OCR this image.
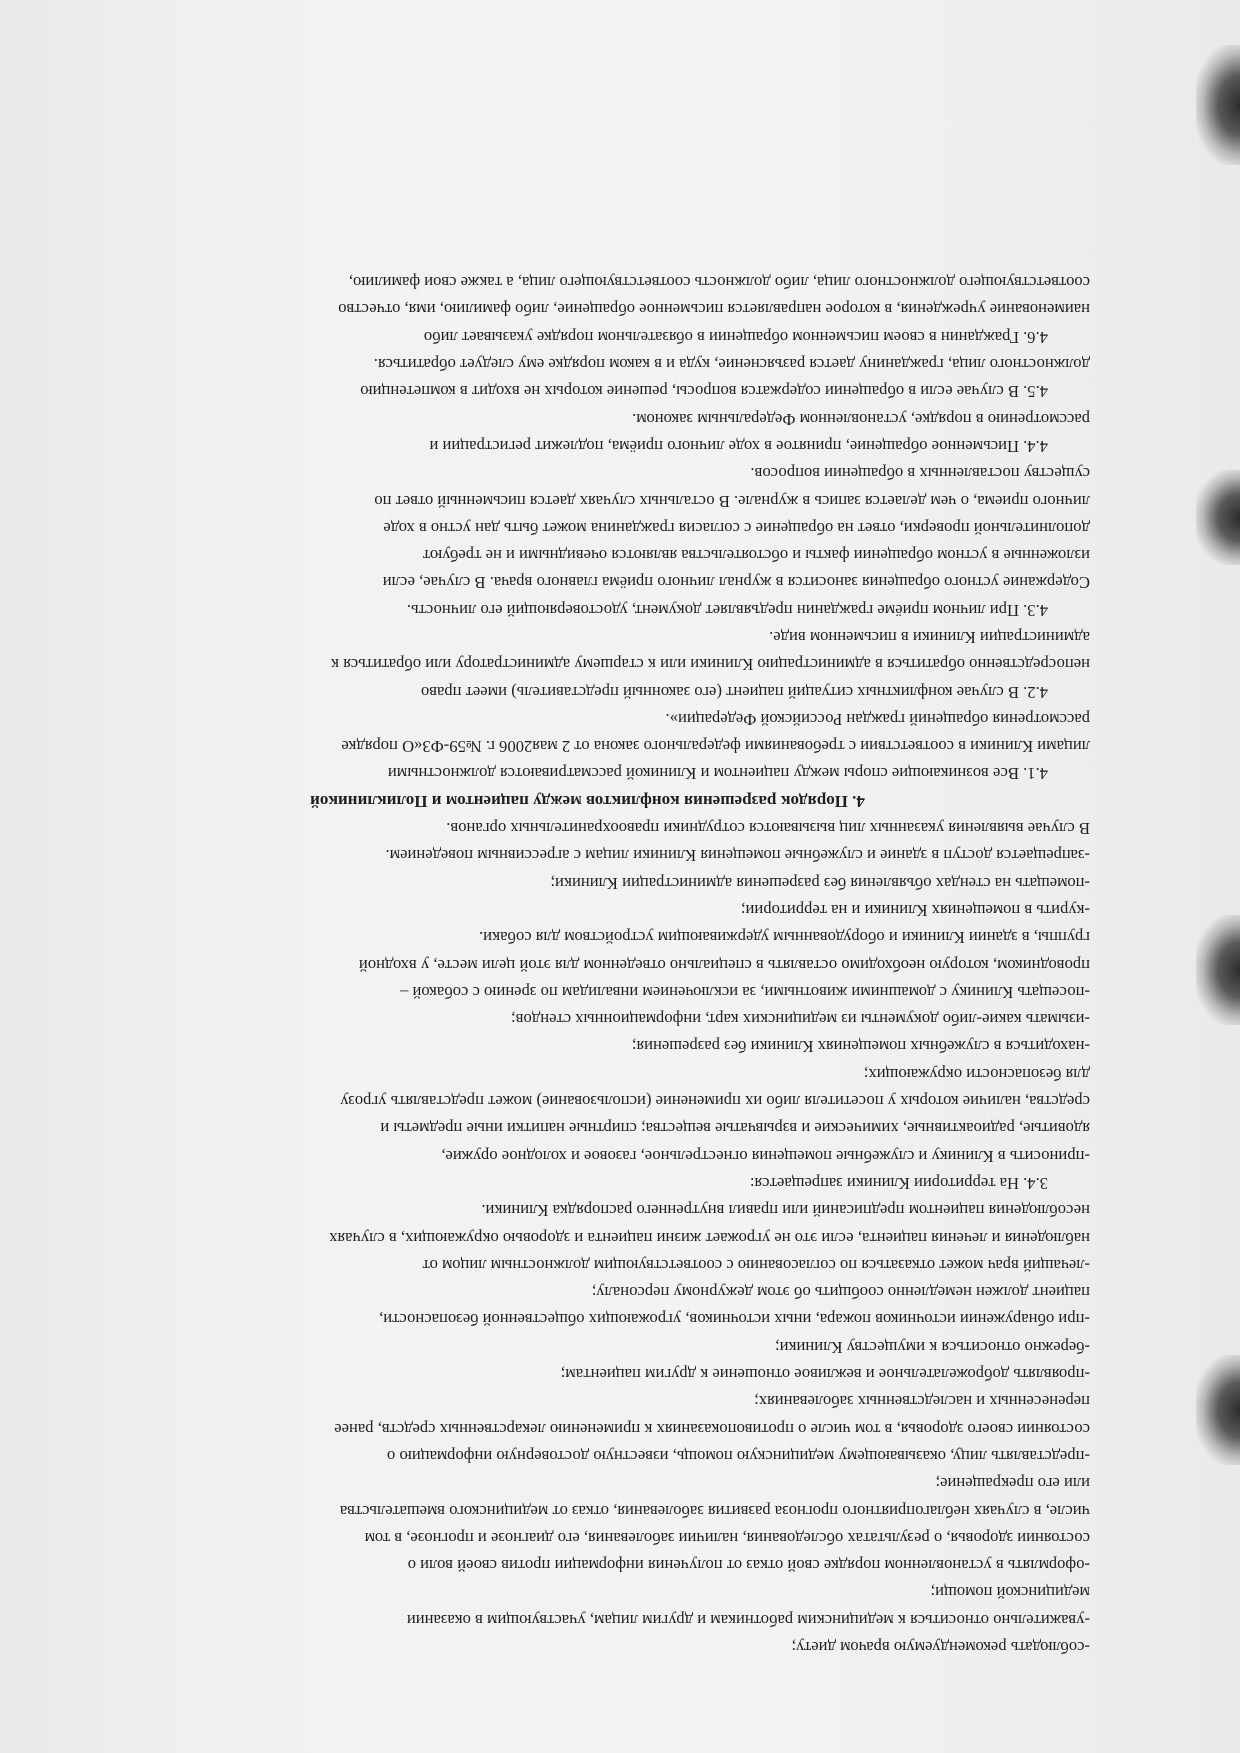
-соблюдать рекомендуемую врачом диету;

-уважительно относиться к медицинским работникам и другим лицам, участвующим в оказании

медицинской помощи;

-оформлять в установленном порядке свой отказ от получения информации против своей воли о

состоянии здоровья, о результатах обследования, наличии заболевания, его диагнозе и прогнозе, в том

числе, в случаях неблагоприятного прогноза развития заболевания, отказ от медицинского вмешательства

или его прекращение;

-представлять лицу, оказывающему медицинскую помощь, известную достоверную информацию о

состоянии своего здоровья, в том числе о противопоказаниях к применению лекарственных средств, ранее

перенесенных и наследственных заболеваниях;

-проявлять доброжелательное и вежливое отношение к другим пациентам;

-бережно относиться к имуществу Клиники;

-при обнаружении источников пожара, иных источников, угрожающих общественной безопасности,

пациент должен немедленно сообщить об этом дежурному персоналу;

-лечащий врач может отказаться по согласованию с соответствующим должностным лицом от

наблюдения и лечения пациента, если это не угрожает жизни пациента и здоровью окружающих, в случаях

несоблюдения пациентом предписаний или правил внутреннего распорядка Клиники.

3.4. На территории Клиники запрещается:

-приносить в Клинику и служебные помещения огнестрельное, газовое и холодное оружие,

ядовитые, радиоактивные, химические и взрывчатые вещества; спиртные напитки иные предметы и

средства, наличие которых у посетителя либо их применение (использование) может представлять угрозу

для безопасности окружающих;

-находиться в служебных помещениях Клиники без разрешения;

-изымать какие-либо документы из медицинских карт, информационных стендов;

-посещать Клинику с домашними животными, за исключением инвалидам по зрению с собакой –

проводником, которую необходимо оставлять в специально отведенном для этой цели месте, у входной

группы, в здании Клиники и оборудованным удерживающим устройством для собаки.

-курить в помещениях Клиники и на территории;

-помещать на стендах объявления без разрешения администрации Клиники;

-запрещается доступ в здание и служебные помещения Клиники лицам с агрессивным поведением.

В случае выявления указанных лиц вызываются сотрудники правоохранительных органов.

4. Порядок разрешения конфликтов между пациентом и Поликлиникой

4.1. Все возникающие споры между пациентом и Клиникой рассматриваются должностными

лицами Клиники в соответствии с требованиями федерального закона от 2 мая2006 г. №59-ФЗ«О порядке

рассмотрения обращений граждан Российской Федерации».

4.2. В случае конфликтных ситуаций пациент (его законный представитель) имеет право

непосредственно обратиться в администрацию Клиники или к старшему администратору или обратиться к

администрации Клиники в письменном виде.

4.3. При личном приёме гражданин предъявляет документ, удостоверяющий его личность.

Содержание устного обращения заносится в журнал личного приёма главного врача. В случае, если

изложенные в устном обращении факты и обстоятельства являются очевидными и не требуют

дополнительной проверки, ответ на обращение с согласия гражданина может быть дан устно в ходе

личного приема, о чем делается запись в журнале. В остальных случаях дается письменный ответ по

существу поставленных в обращении вопросов.

4.4. Письменное обращение, принятое в ходе личного приёма, подлежит регистрации и

рассмотрению в порядке, установленном Федеральным законом.

4.5. В случае если в обращении содержатся вопросы, решение которых не входит в компетенцию

должностного лица, гражданину дается разъяснение, куда и в каком порядке ему следует обратиться.

4.6. Гражданин в своем письменном обращении в обязательном порядке указывает либо

наименование учреждения, в которое направляется письменное обращение, либо фамилию, имя, отчество

соответствующего должностного лица, либо должность соответствующего лица, а также свои фамилию,
